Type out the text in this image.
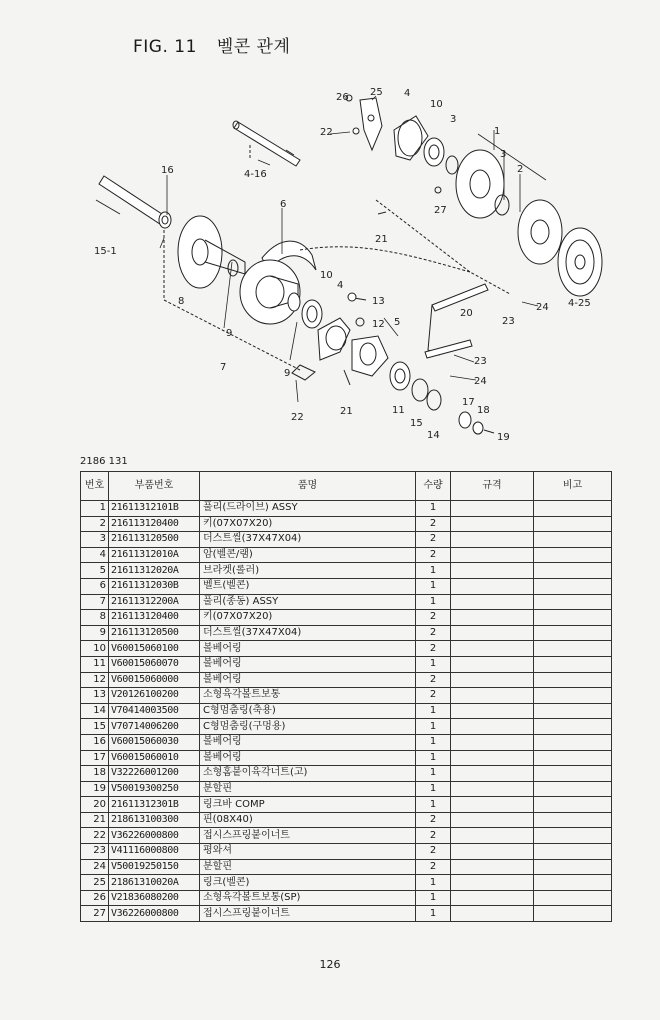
FIG. 11 벨콘 관계
16	4-16
15-1
6
8
9
7
9
22
10
4
13
12 5
21	11
15
14
17
18
19
23
24
20
23
24 4-25
21
27
26 25 4
22
10
3
1
3
2
2186 131
번호	부품번호	품명	수량	규격	비고
1	21611312101B	풀리(드라이브) ASSY	1		
2	216113120400	키(07X07X20)	2		
3	216113120500	더스트씰(37X47X04)	2		
4	21611312010A	암(벨콘/램)	2		
5	21611312020A	브라켓(롤러)	1		
6	21611312030B	벨트(벨콘)	1		
7	21611312200A	풀리(종동) ASSY	1		
8	216113120400	키(07X07X20)	2		
9	216113120500	더스트씰(37X47X04)	2		
10	V60015060100	볼베어링	2		
11	V60015060070	볼베어링	1		
12	V60015060000	볼베어링	2		
13	V20126100200	소형육각볼트보통	2		
14	V70414003500	C형멈춤링(축용)	1		
15	V70714006200	C형멈춤링(구멍용)	1		
16	V60015060030	볼베어링	1		
17	V60015060010	볼베어링	1		
18	V32226001200	소형홈붙이육각너트(고)	1		
19	V50019300250	분할핀	1		
20	21611312301B	링크바 COMP	1		
21	218613100300	핀(08X40)	2		
22	V36226000800	접시스프링붙이너트	2		
23	V41116000800	평와셔	2		
24	V50019250150	분할핀	2		
25	21861310020A	링크(벨콘)	1		
26	V21836080200	소형육각볼트보통(SP)	1		
27	V36226000800	접시스프링붙이너트	1		
126
